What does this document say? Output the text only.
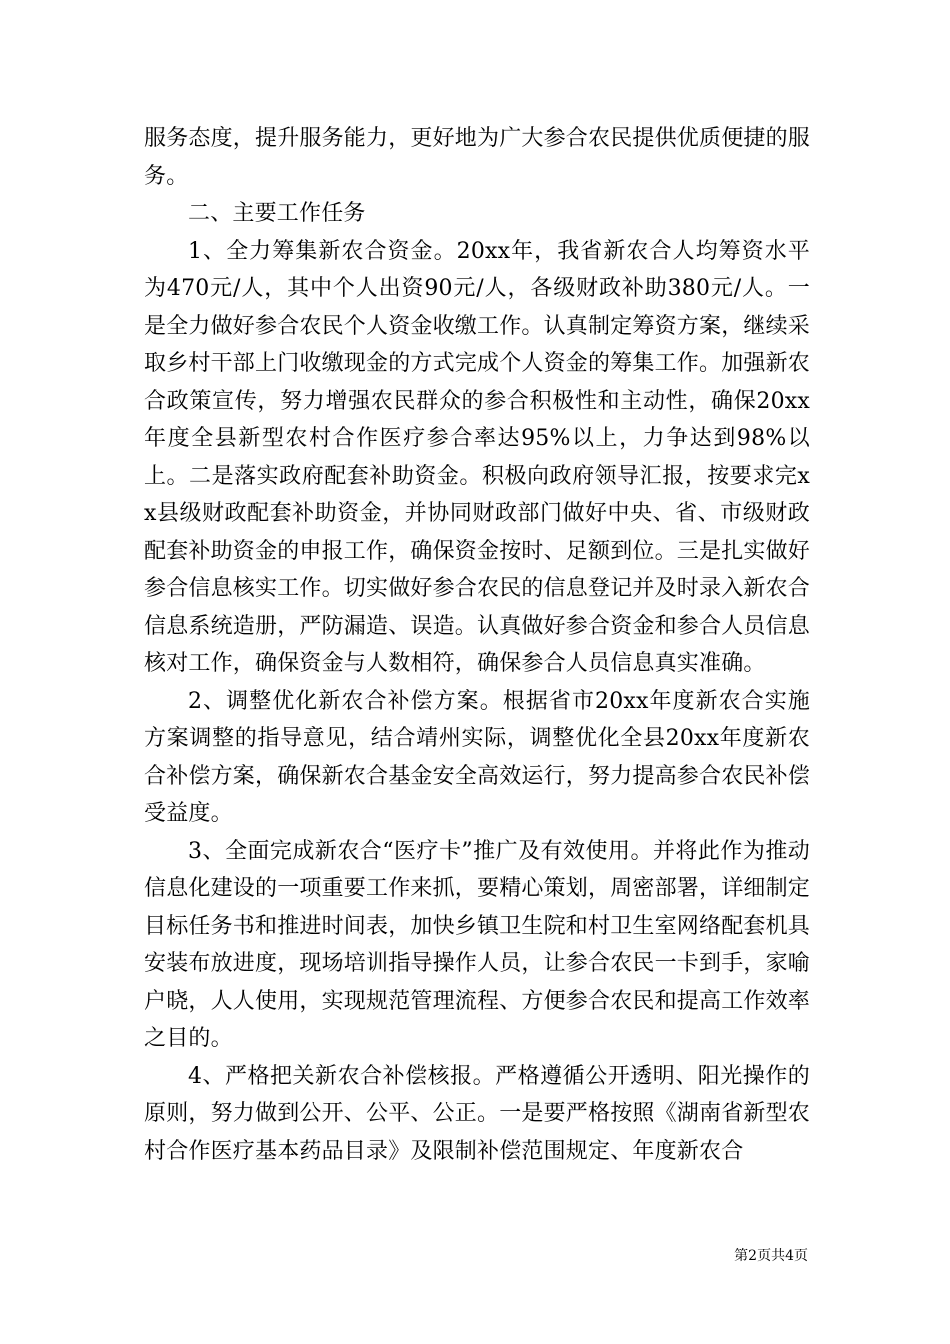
服务态度，提升服务能力，更好地为广大参合农民提供优质便捷的服务。

二、主要工作任务

1、全力筹集新农合资金。20xx年，我省新农合人均筹资水平为470元/人，其中个人出资90元/人，各级财政补助380元/人。一是全力做好参合农民个人资金收缴工作。认真制定筹资方案，继续采取乡村干部上门收缴现金的方式完成个人资金的筹集工作。加强新农合政策宣传，努力增强农民群众的参合积极性和主动性，确保20xx年度全县新型农村合作医疗参合率达95%以上，力争达到98%以上。二是落实政府配套补助资金。积极向政府领导汇报，按要求完xx县级财政配套补助资金，并协同财政部门做好中央、省、市级财政配套补助资金的申报工作，确保资金按时、足额到位。三是扎实做好参合信息核实工作。切实做好参合农民的信息登记并及时录入新农合信息系统造册，严防漏造、误造。认真做好参合资金和参合人员信息核对工作，确保资金与人数相符，确保参合人员信息真实准确。

2、调整优化新农合补偿方案。根据省市20xx年度新农合实施方案调整的指导意见，结合靖州实际，调整优化全县20xx年度新农合补偿方案，确保新农合基金安全高效运行，努力提高参合农民补偿受益度。

3、全面完成新农合“医疗卡”推广及有效使用。并将此作为推动信息化建设的一项重要工作来抓，要精心策划，周密部署，详细制定目标任务书和推进时间表，加快乡镇卫生院和村卫生室网络配套机具安装布放进度，现场培训指导操作人员，让参合农民一卡到手，家喻户晓，人人使用，实现规范管理流程、方便参合农民和提高工作效率之目的。

4、严格把关新农合补偿核报。严格遵循公开透明、阳光操作的原则，努力做到公开、公平、公正。一是要严格按照《湖南省新型农村合作医疗基本药品目录》及限制补偿范围规定、年度新农合

第2页共4页
